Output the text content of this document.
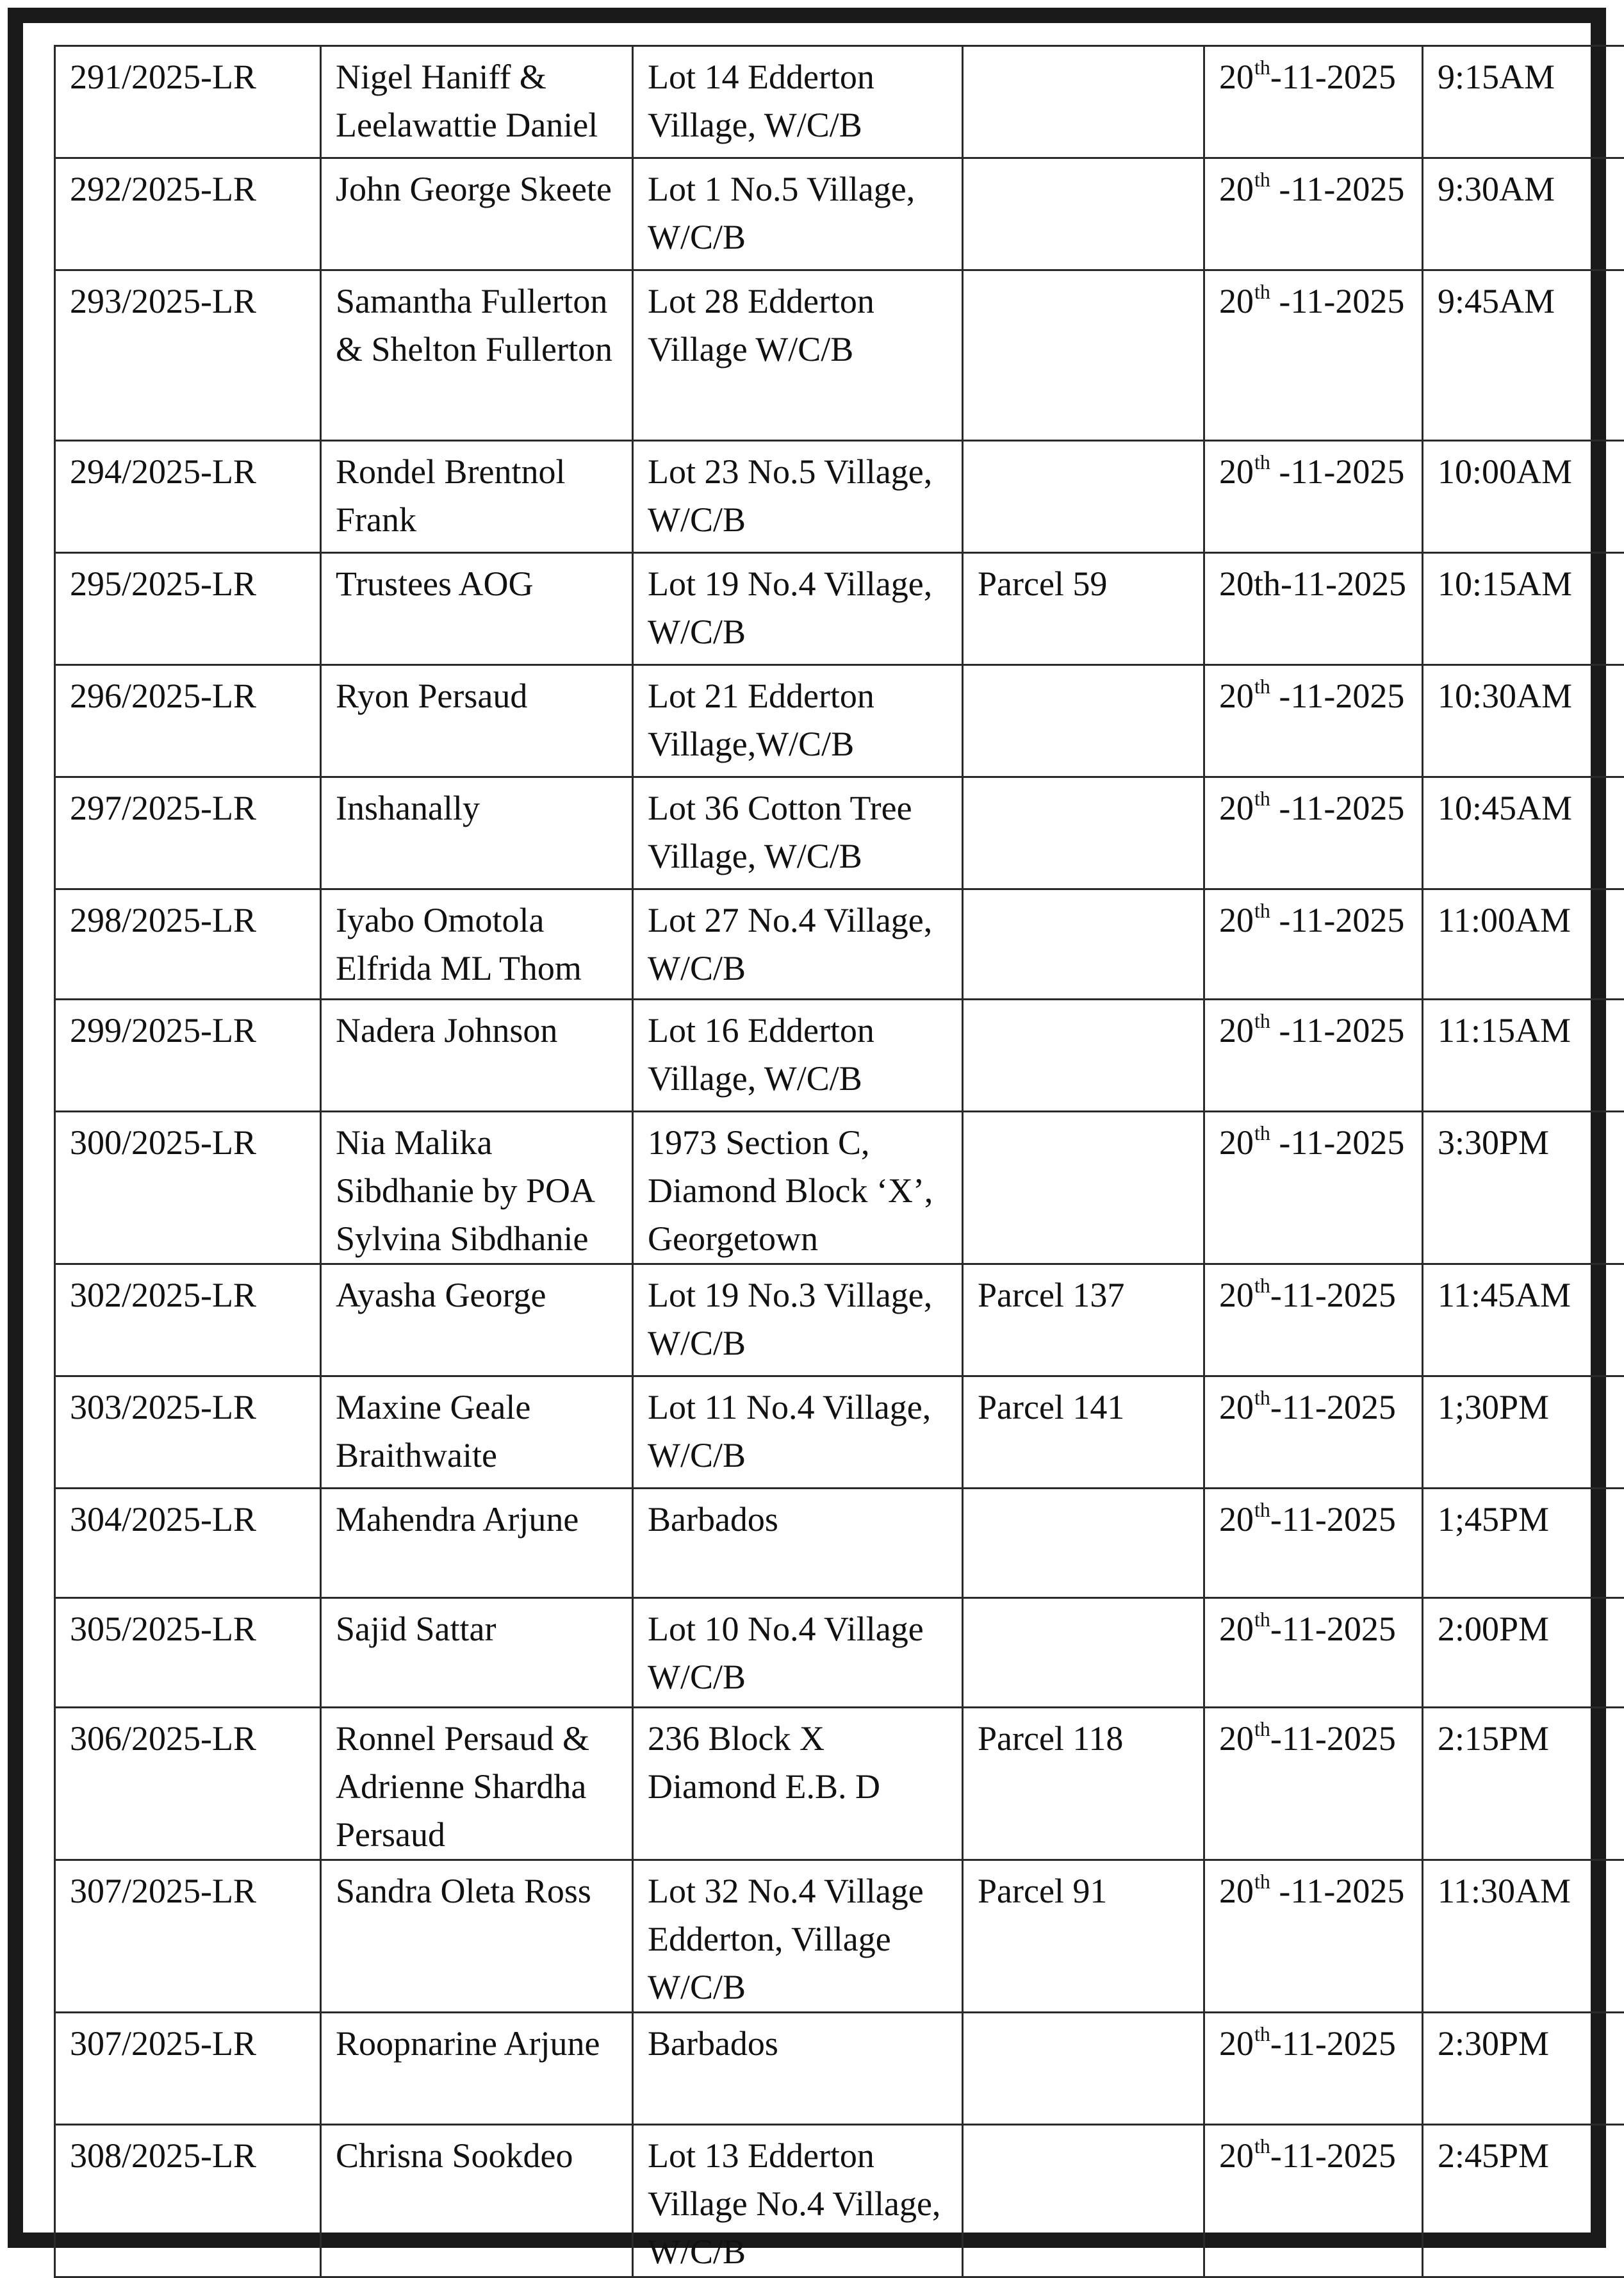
291/2025-LR	Nigel Haniff &
Leelawattie Daniel	Lot 14 Edderton
Village, W/C/B		20th-11-2025	9:15AM
292/2025-LR	John George Skeete	Lot 1 No.5 Village,
W/C/B		20th -11-2025	9:30AM
293/2025-LR	Samantha Fullerton
& Shelton Fullerton	Lot 28 Edderton
Village W/C/B		20th -11-2025	9:45AM
294/2025-LR	Rondel Brentnol
Frank	Lot 23 No.5 Village,
W/C/B		20th -11-2025	10:00AM
295/2025-LR	Trustees AOG	Lot 19 No.4 Village,
W/C/B	Parcel 59	20th-11-2025	10:15AM
296/2025-LR	Ryon Persaud	Lot 21 Edderton
Village,W/C/B		20th -11-2025	10:30AM
297/2025-LR	Inshanally	Lot 36 Cotton Tree
Village, W/C/B		20th -11-2025	10:45AM
298/2025-LR	Iyabo Omotola
Elfrida ML Thom	Lot 27 No.4 Village,
W/C/B		20th -11-2025	11:00AM
299/2025-LR	Nadera Johnson	Lot 16 Edderton
Village, W/C/B		20th -11-2025	11:15AM
300/2025-LR	Nia Malika
Sibdhanie by POA
Sylvina Sibdhanie	1973 Section C,
Diamond Block ‘X’,
Georgetown		20th -11-2025	3:30PM
302/2025-LR	Ayasha George	Lot 19 No.3 Village,
W/C/B	Parcel 137	20th-11-2025	11:45AM
303/2025-LR	Maxine Geale
Braithwaite	Lot 11 No.4 Village,
W/C/B	Parcel 141	20th-11-2025	1;30PM
304/2025-LR	Mahendra Arjune	Barbados		20th-11-2025	1;45PM
305/2025-LR	Sajid Sattar	Lot 10 No.4 Village
W/C/B		20th-11-2025	2:00PM
306/2025-LR	Ronnel Persaud &
Adrienne Shardha
Persaud	236 Block X
Diamond E.B. D	Parcel 118	20th-11-2025	2:15PM
307/2025-LR	Sandra Oleta Ross	Lot 32 No.4 Village
Edderton, Village
W/C/B	Parcel 91	20th -11-2025	11:30AM
307/2025-LR	Roopnarine Arjune	Barbados		20th-11-2025	2:30PM
308/2025-LR	Chrisna Sookdeo	Lot 13 Edderton
Village No.4 Village,
W/C/B		20th-11-2025	2:45PM
